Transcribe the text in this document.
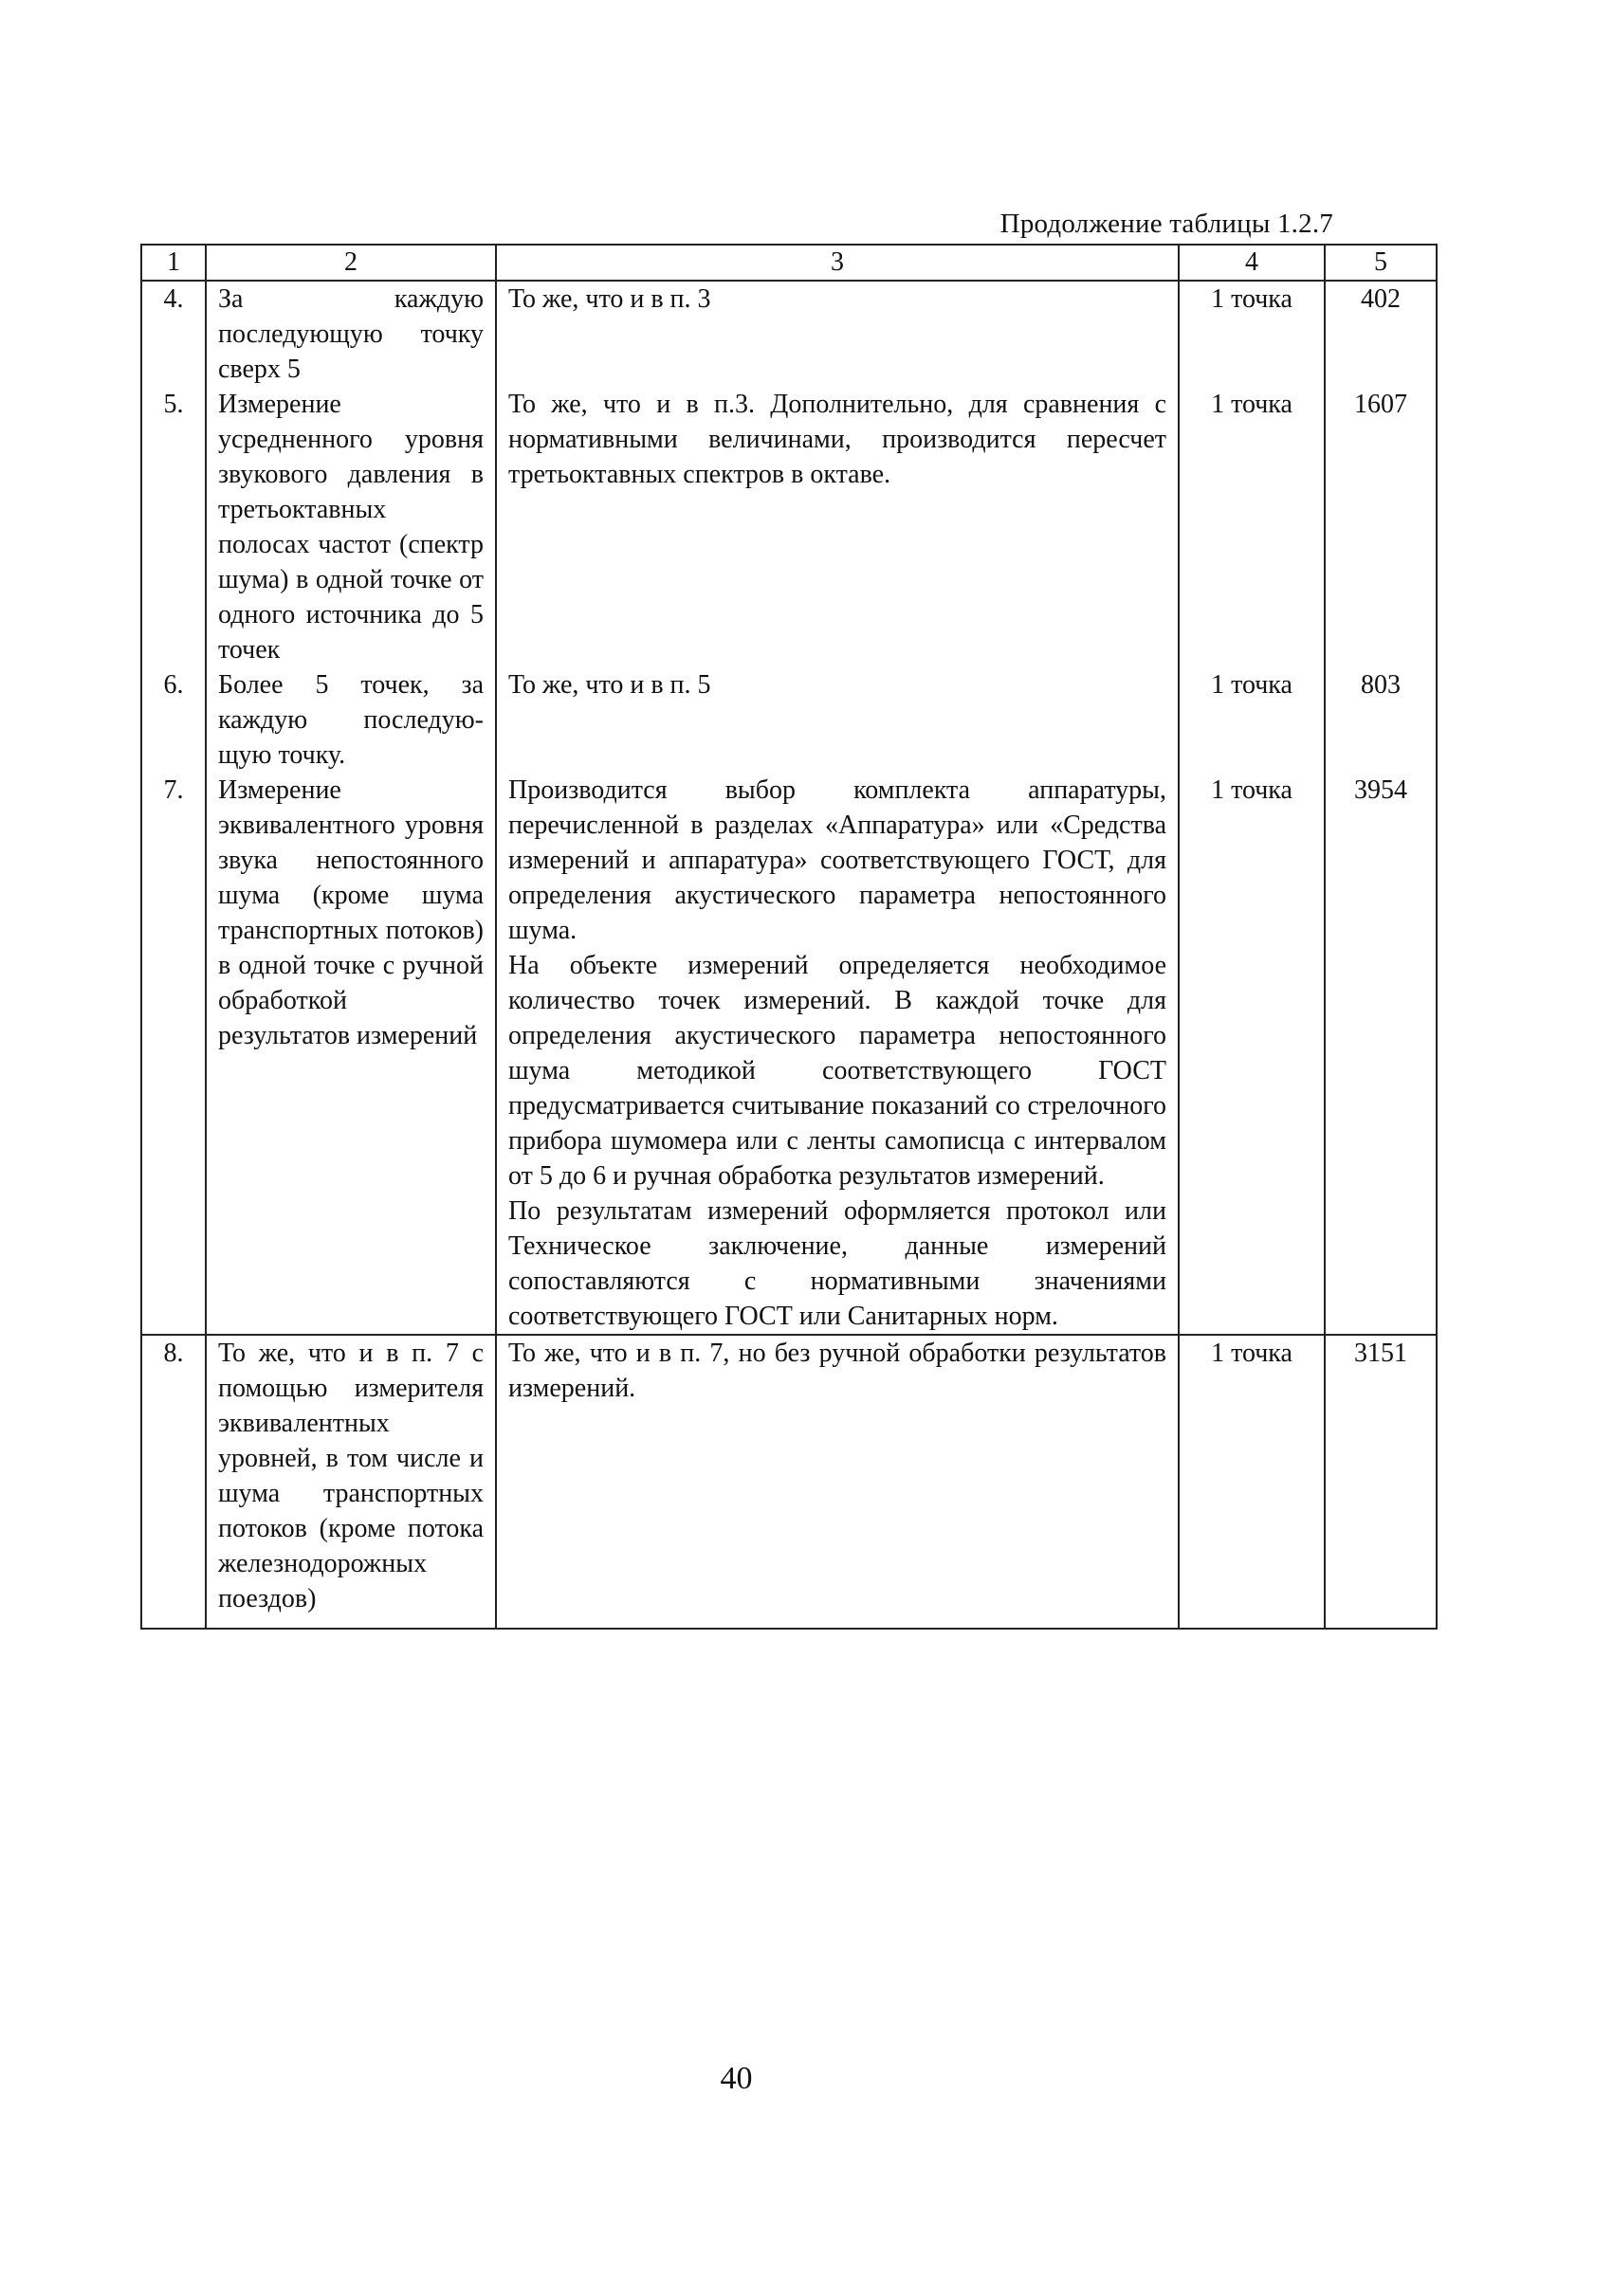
Продолжение таблицы 1.2.7
1	2	3	4	5
4.	За каждую последующую точку сверх 5	То же, что и в п. 3	1 точка	402
5.	Измерение усредненного уровня звукового давления в третьоктавных полосах частот (спектр шума) в одной точке от одного источника до 5 точек	То же, что и в п.3. Дополнительно, для сравнения с нормативными величинами, производится пересчет третьоктавных спектров в октаве.	1 точка	1607
6.	Более 5 точек, за каждую последую-щую точку.	То же, что и в п. 5	1 точка	803
7.	Измерение эквивалентного уровня звука непостоянного шума (кроме шума транспортных потоков) в одной точке с ручной обработкой результатов измерений	Производится выбор комплекта аппаратуры, перечисленной в разделах «Аппаратура» или «Средства измерений и аппаратура» соответствующего ГОСТ, для определения акустического параметра непостоянного шума.

На объекте измерений определяется необходимое количество точек измерений. В каждой точке для определения акустического параметра непостоянного шума методикой соответствующего ГОСТ предусматривается считывание показаний со стрелочного прибора шумомера или с ленты самописца с интервалом от 5 до 6 и ручная обработка результатов измерений.

По результатам измерений оформляется протокол или Техническое заключение, данные измерений сопоставляются с нормативными значениями соответствующего ГОСТ или Санитарных норм.	1 точка	3954
8.	То же, что и в п. 7 с помощью измерителя эквивалентных уровней, в том числе и шума транспортных потоков (кроме потока железнодорожных поездов)	То же, что и в п. 7, но без ручной обработки результатов измерений.	1 точка	3151
40
